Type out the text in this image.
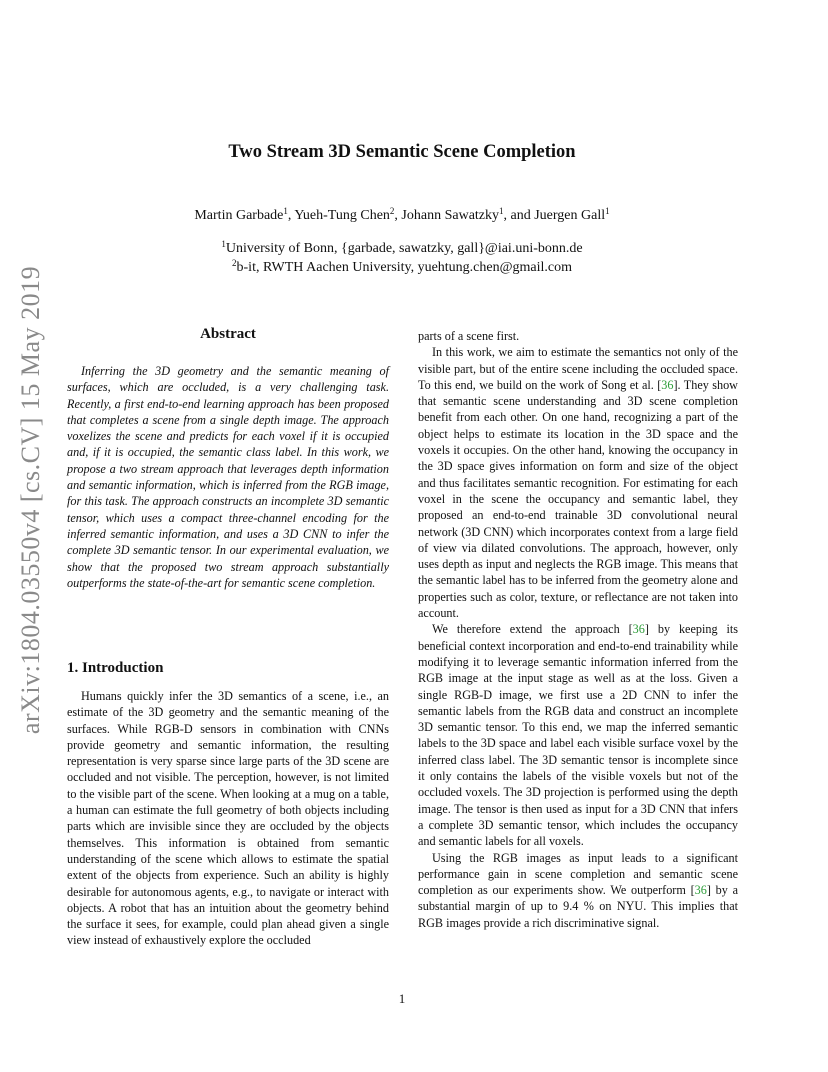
arXiv:1804.03550v4 [cs.CV] 15 May 2019
Two Stream 3D Semantic Scene Completion
Martin Garbade$^1$, Yueh-Tung Chen$^2$, Johann Sawatzky$^1$, and Juergen Gall$^1$
$^1$University of Bonn, {garbade, sawatzky, gall}@iai.uni-bonn.de
$^2$b-it, RWTH Aachen University, yuehtung.chen@gmail.com
Abstract

Inferring the 3D geometry and the semantic meaning of surfaces, which are occluded, is a very challenging task. Recently, a first end-to-end learning approach has been proposed that completes a scene from a single depth image. The approach voxelizes the scene and predicts for each voxel if it is occupied and, if it is occupied, the semantic class label. In this work, we propose a two stream approach that leverages depth information and semantic information, which is inferred from the RGB image, for this task. The approach constructs an incomplete 3D semantic tensor, which uses a compact three-channel encoding for the inferred semantic information, and uses a 3D CNN to infer the complete 3D semantic tensor. In our experimental evaluation, we show that the proposed two stream approach substantially outperforms the state-of-the-art for semantic scene completion.

1. Introduction

Humans quickly infer the 3D semantics of a scene, i.e., an estimate of the 3D geometry and the semantic meaning of the surfaces. While RGB-D sensors in combination with CNNs provide geometry and semantic information, the resulting representation is very sparse since large parts of the 3D scene are occluded and not visible. The perception, however, is not limited to the visible part of the scene. When looking at a mug on a table, a human can estimate the full geometry of both objects including parts which are invisible since they are occluded by the objects themselves. This information is obtained from semantic understanding of the scene which allows to estimate the spatial extent of the objects from experience. Such an ability is highly desirable for autonomous agents, e.g., to navigate or interact with objects. A robot that has an intuition about the geometry behind the surface it sees, for example, could plan ahead given a single view instead of exhaustively explore the occluded

parts of a scene first.

In this work, we aim to estimate the semantics not only of the visible part, but of the entire scene including the occluded space. To this end, we build on the work of Song et al. [36]. They show that semantic scene understanding and 3D scene completion benefit from each other. On one hand, recognizing a part of the object helps to estimate its location in the 3D space and the voxels it occupies. On the other hand, knowing the occupancy in the 3D space gives information on form and size of the object and thus facilitates semantic recognition. For estimating for each voxel in the scene the occupancy and semantic label, they proposed an end-to-end trainable 3D convolutional neural network (3D CNN) which incorporates context from a large field of view via dilated convolutions. The approach, however, only uses depth as input and neglects the RGB image. This means that the semantic label has to be inferred from the geometry alone and properties such as color, texture, or reflectance are not taken into account.

We therefore extend the approach [36] by keeping its beneficial context incorporation and end-to-end trainability while modifying it to leverage semantic information inferred from the RGB image at the input stage as well as at the loss. Given a single RGB-D image, we first use a 2D CNN to infer the semantic labels from the RGB data and construct an incomplete 3D semantic tensor. To this end, we map the inferred semantic labels to the 3D space and label each visible surface voxel by the inferred class label. The 3D semantic tensor is incomplete since it only contains the labels of the visible voxels but not of the occluded voxels. The 3D projection is performed using the depth image. The tensor is then used as input for a 3D CNN that infers a complete 3D semantic tensor, which includes the occupancy and semantic labels for all voxels.

Using the RGB images as input leads to a significant performance gain in scene completion and semantic scene completion as our experiments show. We outperform [36] by a substantial margin of up to 9.4 % on NYU. This implies that RGB images provide a rich discriminative signal.

1
